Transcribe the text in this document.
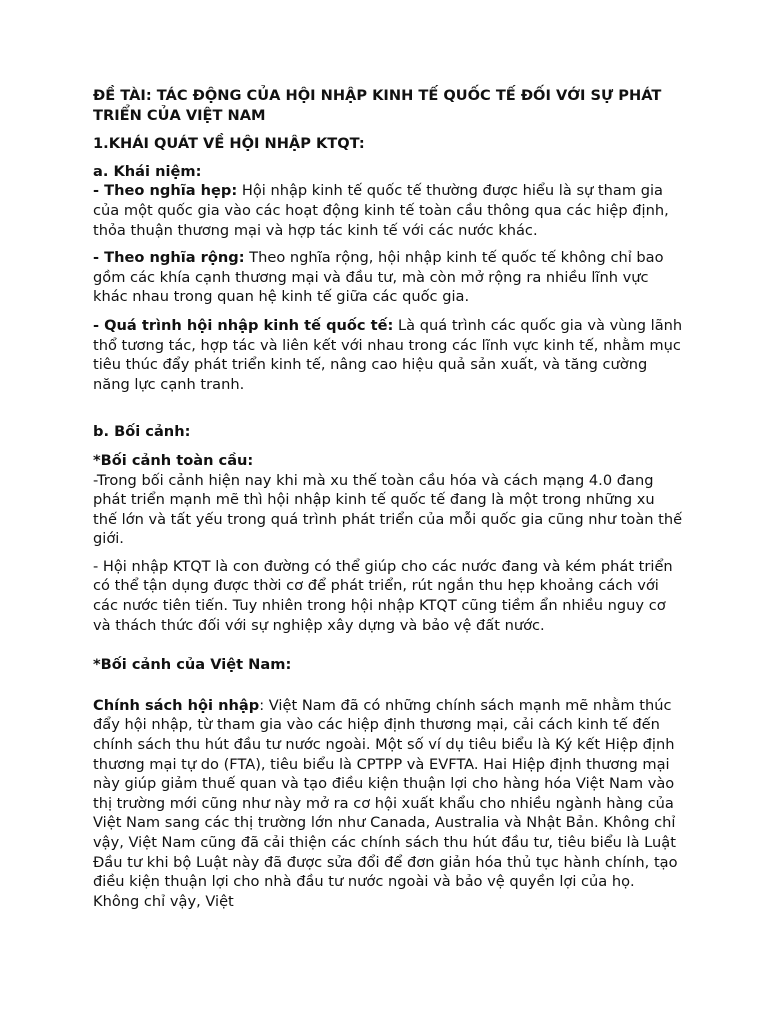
ĐỀ TÀI: TÁC ĐỘNG CỦA HỘI NHẬP KINH TẾ QUỐC TẾ ĐỐI VỚI SỰ PHÁT TRIỂN CỦA VIỆT NAM

1.KHÁI QUÁT VỀ HỘI NHẬP KTQT:

a. Khái niệm:

- Theo nghĩa hẹp: Hội nhập kinh tế quốc tế thường được hiểu là sự tham gia của một quốc gia vào các hoạt động kinh tế toàn cầu thông qua các hiệp định, thỏa thuận thương mại và hợp tác kinh tế với các nước khác.

- Theo nghĩa rộng: Theo nghĩa rộng, hội nhập kinh tế quốc tế không chỉ bao gồm các khía cạnh thương mại và đầu tư, mà còn mở rộng ra nhiều lĩnh vực khác nhau trong quan hệ kinh tế giữa các quốc gia.

- Quá trình hội nhập kinh tế quốc tế: Là quá trình các quốc gia và vùng lãnh thổ tương tác, hợp tác và liên kết với nhau trong các lĩnh vực kinh tế, nhằm mục tiêu thúc đẩy phát triển kinh tế, nâng cao hiệu quả sản xuất, và tăng cường năng lực cạnh tranh.

b. Bối cảnh:

*Bối cảnh toàn cầu:

-Trong bối cảnh hiện nay khi mà xu thế toàn cầu hóa và cách mạng 4.0 đang phát triển mạnh mẽ thì hội nhập kinh tế quốc tế đang là một trong những xu thế lớn và tất yếu trong quá trình phát triển của mỗi quốc gia cũng như toàn thế giới.

- Hội nhập KTQT là con đường có thể giúp cho các nước đang và kém phát triển có thể tận dụng được thời cơ để phát triển, rút ngắn thu hẹp khoảng cách với các nước tiên tiến. Tuy nhiên trong hội nhập KTQT cũng tiềm ẩn nhiều nguy cơ và thách thức đối với sự nghiệp xây dựng và bảo vệ đất nước.

*Bối cảnh của Việt Nam:

Chính sách hội nhập: Việt Nam đã có những chính sách mạnh mẽ nhằm thúc đẩy hội nhập, từ tham gia vào các hiệp định thương mại, cải cách kinh tế đến chính sách thu hút đầu tư nước ngoài. Một số ví dụ tiêu biểu là Ký kết Hiệp định thương mại tự do (FTA), tiêu biểu là CPTPP và EVFTA. Hai Hiệp định thương mại này giúp giảm thuế quan và tạo điều kiện thuận lợi cho hàng hóa Việt Nam vào thị trường mới cũng như này mở ra cơ hội xuất khẩu cho nhiều ngành hàng của Việt Nam sang các thị trường lớn như Canada, Australia và Nhật Bản. Không chỉ vậy, Việt Nam cũng đã cải thiện các chính sách thu hút đầu tư, tiêu biểu là Luật Đầu tư khi bộ Luật này đã được sửa đổi để đơn giản hóa thủ tục hành chính, tạo điều kiện thuận lợi cho nhà đầu tư nước ngoài và bảo vệ quyền lợi của họ. Không chỉ vậy, Việt
